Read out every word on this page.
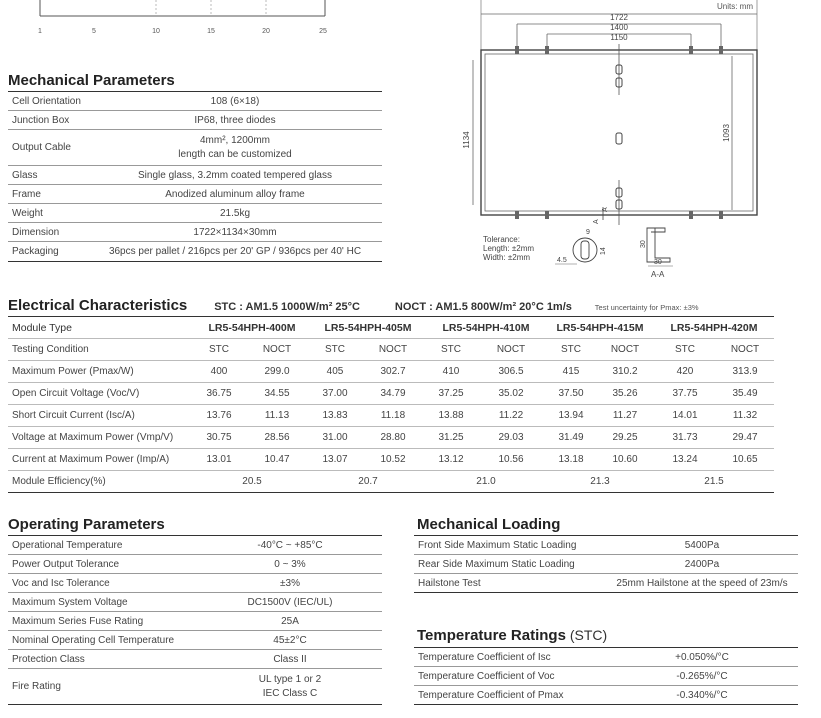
1	5	10	15	20	25
Units: mm
1722
1400
1150
1134	1093
A
A
Tolerance:
Length: ±2mm
Width: ±2mm	4.5
9
14
30
30
A-A
Mechanical Parameters
Cell Orientation	108 (6×18)
Junction Box	IP68, three diodes
Output Cable	4mm², 1200mm
length can be customized

Glass	Single glass, 3.2mm coated tempered glass
Frame	Anodized aluminum alloy frame
Weight	21.5kg
Dimension	1722×1134×30mm
Packaging	36pcs per pallet / 216pcs per 20' GP / 936pcs per 40' HC
Electrical Characteristics STC : AM1.5 1000W/m² 25°C	NOCT : AM1.5 800W/m² 20°C 1m/s	Test uncertainty for Pmax: ±3%
Module Type	LR5-54HPH-400M		LR5-54HPH-405M		LR5-54HPH-410M		LR5-54HPH-415M		LR5-54HPH-420M	
Testing Condition	STC	NOCT	STC	NOCT	STC	NOCT	STC	NOCT	STC	NOCT
Maximum Power (Pmax/W)	400	299.0	405	302.7	410	306.5	415	310.2	420	313.9
Open Circuit Voltage (Voc/V)	36.75	34.55	37.00	34.79	37.25	35.02	37.50	35.26	37.75	35.49
Short Circuit Current (Isc/A)	13.76	11.13	13.83	11.18	13.88	11.22	13.94	11.27	14.01	11.32
Voltage at Maximum Power (Vmp/V)	30.75	28.56	31.00	28.80	31.25	29.03	31.49	29.25	31.73	29.47
Current at Maximum Power (Imp/A)	13.01	10.47	13.07	10.52	13.12	10.56	13.18	10.60	13.24	10.65
Module Efficiency(%)	20.5		20.7		21.0		21.3		21.5	
Operating Parameters
Operational Temperature	-40°C ~ +85°C
Power Output Tolerance	0 ~ 3%
Voc and Isc Tolerance	±3%
Maximum System Voltage	DC1500V (IEC/UL)
Maximum Series Fuse Rating	25A
Nominal Operating Cell Temperature	45±2°C
Protection Class	Class II
Fire Rating	UL type 1 or 2
IEC Class C
Mechanical Loading
Front Side Maximum Static Loading	5400Pa
Rear Side Maximum Static Loading	2400Pa
Hailstone Test	25mm Hailstone at the speed of 23m/s
Temperature Ratings (STC)
Temperature Coefficient of Isc	+0.050%/°C
Temperature Coefficient of Voc	-0.265%/°C
Temperature Coefficient of Pmax	-0.340%/°C
